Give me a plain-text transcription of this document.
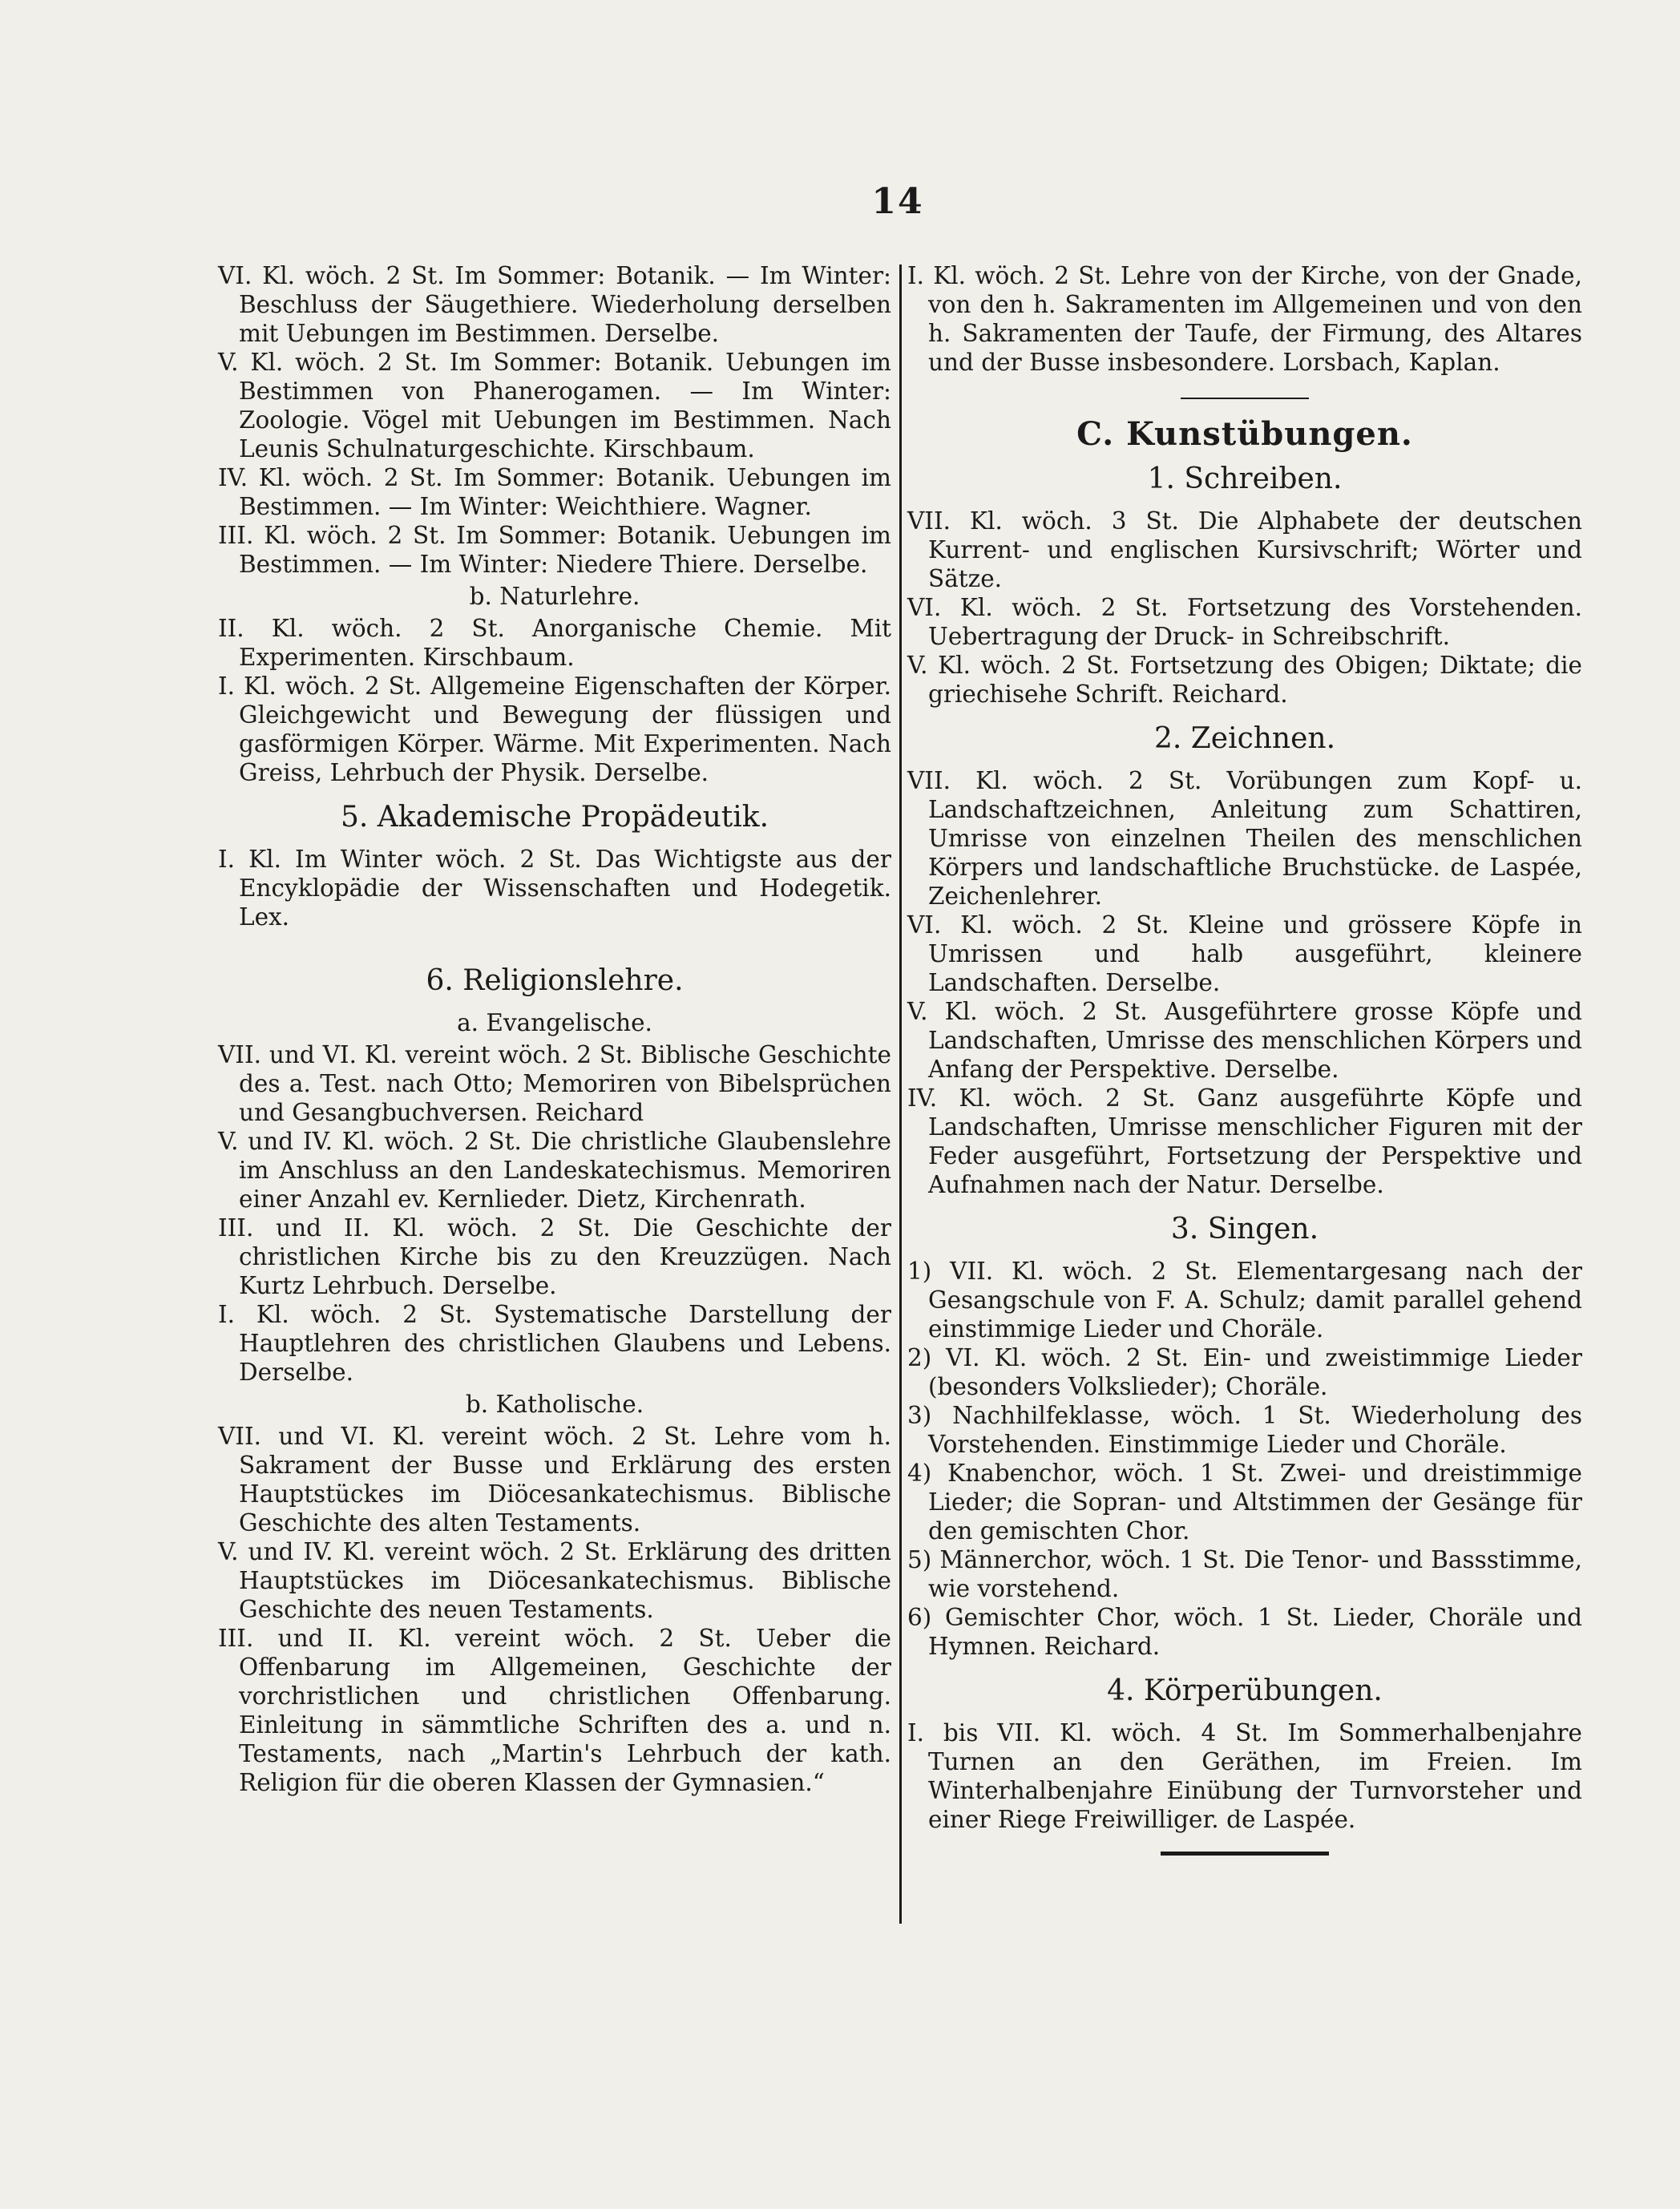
14

VI. Kl. wöch. 2 St. Im Sommer: Botanik. — Im Winter: Beschluss der Säugethiere. Wiederholung derselben mit Uebungen im Bestimmen. Derselbe.

V. Kl. wöch. 2 St. Im Sommer: Botanik. Uebungen im Bestimmen von Phanerogamen. — Im Winter: Zoologie. Vögel mit Uebungen im Bestimmen. Nach Leunis Schulnaturgeschichte. Kirschbaum.

IV. Kl. wöch. 2 St. Im Sommer: Botanik. Uebungen im Bestimmen. — Im Winter: Weichthiere. Wagner.

III. Kl. wöch. 2 St. Im Sommer: Botanik. Uebungen im Bestimmen. — Im Winter: Niedere Thiere. Derselbe.

b. Naturlehre.

II. Kl. wöch. 2 St. Anorganische Chemie. Mit Experimenten. Kirschbaum.

I. Kl. wöch. 2 St. Allgemeine Eigenschaften der Körper. Gleichgewicht und Bewegung der flüssigen und gasförmigen Körper. Wärme. Mit Experimenten. Nach Greiss, Lehrbuch der Physik. Derselbe.

5. Akademische Propädeutik.

I. Kl. Im Winter wöch. 2 St. Das Wichtigste aus der Encyklopädie der Wissenschaften und Hodegetik. Lex.

6. Religionslehre.
a. Evangelische.

VII. und VI. Kl. vereint wöch. 2 St. Biblische Geschichte des a. Test. nach Otto; Memoriren von Bibelsprüchen und Gesangbuchversen. Reichard

V. und IV. Kl. wöch. 2 St. Die christliche Glaubenslehre im Anschluss an den Landeskatechismus. Memoriren einer Anzahl ev. Kernlieder. Dietz, Kirchenrath.

III. und II. Kl. wöch. 2 St. Die Geschichte der christlichen Kirche bis zu den Kreuzzügen. Nach Kurtz Lehrbuch. Derselbe.

I. Kl. wöch. 2 St. Systematische Darstellung der Hauptlehren des christlichen Glaubens und Lebens. Derselbe.

b. Katholische.

VII. und VI. Kl. vereint wöch. 2 St. Lehre vom h. Sakrament der Busse und Erklärung des ersten Hauptstückes im Diöcesankatechismus. Biblische Geschichte des alten Testaments.

V. und IV. Kl. vereint wöch. 2 St. Erklärung des dritten Hauptstückes im Diöcesankatechismus. Biblische Geschichte des neuen Testaments.

III. und II. Kl. vereint wöch. 2 St. Ueber die Offenbarung im Allgemeinen, Geschichte der vorchristlichen und christlichen Offenbarung. Einleitung in sämmtliche Schriften des a. und n. Testaments, nach „Martin's Lehrbuch der kath. Religion für die oberen Klassen der Gymnasien.“

I. Kl. wöch. 2 St. Lehre von der Kirche, von der Gnade, von den h. Sakramenten im Allgemeinen und von den h. Sakramenten der Taufe, der Firmung, des Altares und der Busse insbesondere. Lorsbach, Kaplan.

C. Kunstübungen.
1. Schreiben.

VII. Kl. wöch. 3 St. Die Alphabete der deutschen Kurrent- und englischen Kursivschrift; Wörter und Sätze.

VI. Kl. wöch. 2 St. Fortsetzung des Vorstehenden. Uebertragung der Druck- in Schreibschrift.

V. Kl. wöch. 2 St. Fortsetzung des Obigen; Diktate; die griechisehe Schrift. Reichard.

2. Zeichnen.

VII. Kl. wöch. 2 St. Vorübungen zum Kopf- u. Landschaftzeichnen, Anleitung zum Schattiren, Umrisse von einzelnen Theilen des menschlichen Körpers und landschaftliche Bruchstücke. de Laspée, Zeichenlehrer.

VI. Kl. wöch. 2 St. Kleine und grössere Köpfe in Umrissen und halb ausgeführt, kleinere Landschaften. Derselbe.

V. Kl. wöch. 2 St. Ausgeführtere grosse Köpfe und Landschaften, Umrisse des menschlichen Körpers und Anfang der Perspektive. Derselbe.

IV. Kl. wöch. 2 St. Ganz ausgeführte Köpfe und Landschaften, Umrisse menschlicher Figuren mit der Feder ausgeführt, Fortsetzung der Perspektive und Aufnahmen nach der Natur. Derselbe.

3. Singen.

1) VII. Kl. wöch. 2 St. Elementargesang nach der Gesangschule von F. A. Schulz; damit parallel gehend einstimmige Lieder und Choräle.

2) VI. Kl. wöch. 2 St. Ein- und zweistimmige Lieder (besonders Volkslieder); Choräle.

3) Nachhilfeklasse, wöch. 1 St. Wiederholung des Vorstehenden. Einstimmige Lieder und Choräle.

4) Knabenchor, wöch. 1 St. Zwei- und dreistimmige Lieder; die Sopran- und Altstimmen der Gesänge für den gemischten Chor.

5) Männerchor, wöch. 1 St. Die Tenor- und Bassstimme, wie vorstehend.

6) Gemischter Chor, wöch. 1 St. Lieder, Choräle und Hymnen. Reichard.

4. Körperübungen.

I. bis VII. Kl. wöch. 4 St. Im Sommerhalbenjahre Turnen an den Geräthen, im Freien. Im Winterhalbenjahre Einübung der Turnvorsteher und einer Riege Freiwilliger. de Laspée.
